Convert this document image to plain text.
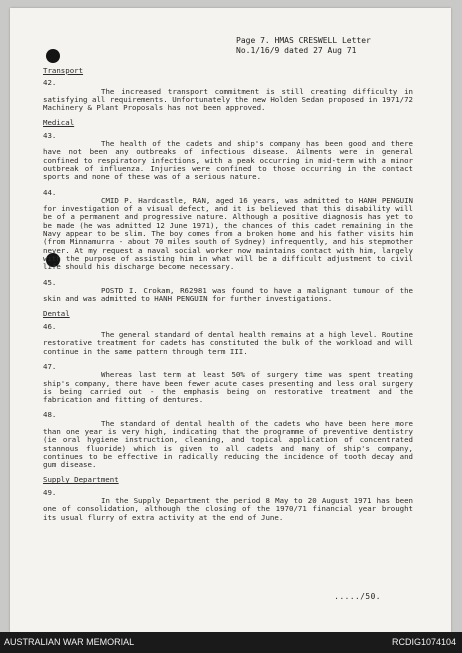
Page 7. HMAS CRESWELL Letter
No.1/16/9 dated 27 Aug 71
Transport
42.
The increased transport commitment is still creating difficulty in satisfying all requirements. Unfortunately the new Holden Sedan proposed in 1971/72 Machinery & Plant Proposals has not been approved.
Medical
43.
The health of the cadets and ship's company has been good and there have not been any outbreaks of infectious disease. Ailments were in general confined to respiratory infections, with a peak occurring in mid-term with a minor outbreak of influenza. Injuries were confined to those occurring in the contact sports and none of these was of a serious nature.
44.
CMID P. Hardcastle, RAN, aged 16 years, was admitted to HANH PENGUIN for investigation of a visual defect, and it is believed that this disability will be of a permanent and progressive nature. Although a positive diagnosis has yet to be made (he was admitted 12 June 1971), the chances of this cadet remaining in the Navy appear to be slim. The boy comes from a broken home and his father visits him (from Minnamurra - about 70 miles south of Sydney) infrequently, and his stepmother never. At my request a naval social worker now maintains contact with him, largely with the purpose of assisting him in what will be a difficult adjustment to civil life should his discharge become necessary.
45.
POSTD I. Crokam, R62981 was found to have a malignant tumour of the skin and was admitted to HANH PENGUIN for further investigations.
Dental
46.
The general standard of dental health remains at a high level. Routine restorative treatment for cadets has constituted the bulk of the workload and will continue in the same pattern through term III.
47.
Whereas last term at least 50% of surgery time was spent treating ship's company, there have been fewer acute cases presenting and less oral surgery is being carried out - the emphasis being on restorative treatment and the fabrication and fitting of dentures.
48.
The standard of dental health of the cadets who have been here more than one year is very high, indicating that the programme of preventive dentistry (ie oral hygiene instruction, cleaning, and topical application of concentrated stannous fluoride) which is given to all cadets and many of ship's company, continues to be effective in radically reducing the incidence of tooth decay and gum disease.
Supply Department
49.
In the Supply Department the period 8 May to 20 August 1971 has been one of consolidation, although the closing of the 1970/71 financial year brought its usual flurry of extra activity at the end of June.
...../50.
AUSTRALIAN WAR MEMORIAL	RCDIG1074104
